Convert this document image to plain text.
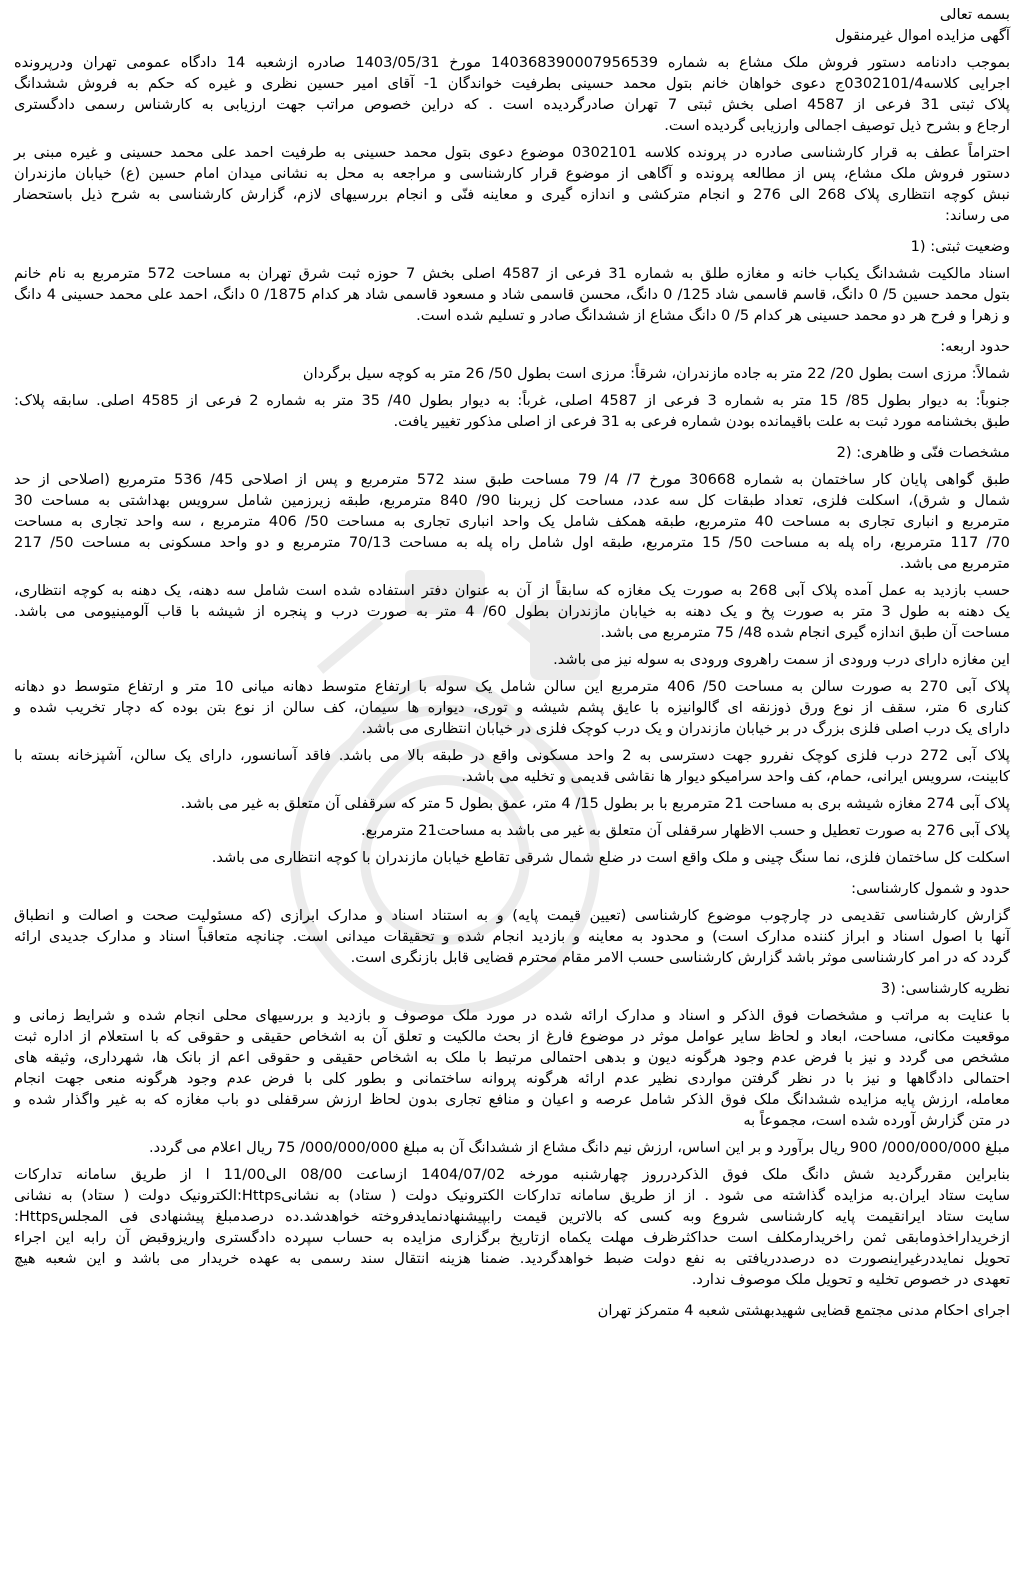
بسمه تعالی

آگهی مزایده اموال غیرمنقول

بموجب دادنامه دستور فروش ملک مشاع به شماره 140368390007956539 مورخ 1403/05/31 صادره ازشعبه 14 دادگاه عمومی تهران ودرپرونده

اجرایی کلاسه0302101/4ج دعوی خواهان خانم بتول محمد حسینی بطرفیت خواندگان 1- آقای امیر حسین نظری و غیره که حکم به فروش ششدانگ

پلاک ثبتی 31 فرعی از 4587 اصلی بخش ثبتی 7 تهران صادرگردیده است . که دراین خصوص مراتب جهت ارزیابی به کارشناس رسمی دادگستری

ارجاع و بشرح ذیل توصیف اجمالی وارزیابی گردیده است.

احتراماً عطف به قرار کارشناسی صادره در پرونده کلاسه 0302101 موضوع دعوی بتول محمد حسینی به طرفیت احمد علی محمد حسینی و غیره مبنی بر

دستور فروش ملک مشاع، پس از مطالعه پرونده و آگاهی از موضوع قرار کارشناسی و مراجعه به محل به نشانی میدان امام حسین (ع) خیابان مازندران

نبش کوچه انتظاری پلاک 268 الی 276 و انجام مترکشی و اندازه گیری و معاینه فنّی و انجام بررسیهای لازم، گزارش کارشناسی به شرح ذیل باستحضار

می رساند:

وضعیت ثبتی: (1

اسناد مالکیت ششدانگ یکباب خانه و مغازه طلق به شماره 31 فرعی از 4587 اصلی بخش 7 حوزه ثبت شرق تهران به مساحت 572 مترمربع به نام خانم

بتول محمد حسین 5/ 0 دانگ، قاسم قاسمی شاد 125/ 0 دانگ، محسن قاسمی شاد و مسعود قاسمی شاد هر کدام 1875/ 0 دانگ، احمد علی محمد حسینی 4 دانگ

و زهرا و فرح هر دو محمد حسینی هر کدام 5/ 0 دانگ مشاع از ششدانگ صادر و تسلیم شده است.

حدود اربعه:

شمالاً: مرزی است بطول 20/ 22 متر به جاده مازندران، شرقاً: مرزی است بطول 50/ 26 متر به کوچه سیل برگردان

جنوباً: به دیوار بطول 85/ 15 متر به شماره 3 فرعی از 4587 اصلی، غرباً: به دیوار بطول 40/ 35 متر به شماره 2 فرعی از 4585 اصلی. سابقه پلاک:

طبق بخشنامه مورد ثبت به علت باقیمانده بودن شماره فرعی به 31 فرعی از اصلی مذکور تغییر یافت.

مشخصات فنّی و ظاهری: (2

طبق گواهی پایان کار ساختمان به شماره 30668 مورخ 7/ 4/ 79 مساحت طبق سند 572 مترمربع و پس از اصلاحی 45/ 536 مترمربع (اصلاحی از حد

شمال و شرق)، اسکلت فلزی، تعداد طبقات کل سه عدد، مساحت کل زیربنا 90/ 840 مترمربع، طبقه زیرزمین شامل سرویس بهداشتی به مساحت 30

مترمربع و انباری تجاری به مساحت 40 مترمربع، طبقه همکف شامل یک واحد انباری تجاری به مساحت 50/ 406 مترمربع ، سه واحد تجاری به مساحت

70/ 117 مترمربع، راه پله به مساحت 50/ 15 مترمربع، طبقه اول شامل راه پله به مساحت 70/13 مترمربع و دو واحد مسکونی به مساحت 50/ 217

مترمربع می باشد.

حسب بازدید به عمل آمده پلاک آبی 268 به صورت یک مغازه که سابقاً از آن به عنوان دفتر استفاده شده است شامل سه دهنه، یک دهنه به کوچه انتظاری،

یک دهنه به طول 3 متر به صورت پخ و یک دهنه به خیابان مازندران بطول 60/ 4 متر به صورت درب و پنجره از شیشه با قاب آلومینیومی می باشد.

مساحت آن طبق اندازه گیری انجام شده 48/ 75 مترمربع می باشد.

این مغازه دارای درب ورودی از سمت راهروی ورودی به سوله نیز می باشد.

پلاک آبی 270 به صورت سالن به مساحت 50/ 406 مترمربع این سالن شامل یک سوله با ارتفاع متوسط دهانه میانی 10 متر و ارتفاع متوسط دو دهانه

کناری 6 متر، سقف از نوع ورق ذوزنقه ای گالوانیزه با عایق پشم شیشه و توری، دیواره ها سیمان، کف سالن از نوع بتن بوده که دچار تخریب شده و

دارای یک درب اصلی فلزی بزرگ در بر خیابان مازندران و یک درب کوچک فلزی در خیابان انتظاری می باشد.

پلاک آبی 272 درب فلزی کوچک نفررو جهت دسترسی به 2 واحد مسکونی واقع در طبقه بالا می باشد. فاقد آسانسور، دارای یک سالن، آشپزخانه بسته با

کابینت، سرویس ایرانی، حمام، کف واحد سرامیکو دیوار ها نقاشی قدیمی و تخلیه می باشد.

پلاک آبی 274 مغازه شیشه بری به مساحت 21 مترمربع با بر بطول 15/ 4 متر، عمق بطول 5 متر که سرقفلی آن متعلق به غیر می باشد.

پلاک آبی 276 به صورت تعطیل و حسب الاظهار سرقفلی آن متعلق به غیر می باشد به مساحت21 مترمربع.

اسکلت کل ساختمان فلزی، نما سنگ چینی و ملک واقع است در ضلع شمال شرقی تقاطع خیابان مازندران با کوچه انتظاری می باشد.

حدود و شمول کارشناسی:

گزارش کارشناسی تقدیمی در چارچوب موضوع کارشناسی (تعیین قیمت پایه) و به استناد اسناد و مدارک ابرازی (که مسئولیت صحت و اصالت و انطباق

آنها با اصول اسناد و ابراز کننده مدارک است) و محدود به معاینه و بازدید انجام شده و تحقیقات میدانی است. چنانچه متعاقباً اسناد و مدارک جدیدی ارائه

گردد که در امر کارشناسی موثر باشد گزارش کارشناسی حسب الامر مقام محترم قضایی قابل بازنگری است.

نظریه کارشناسی: (3

با عنایت به مراتب و مشخصات فوق الذکر و اسناد و مدارک ارائه شده در مورد ملک موصوف و بازدید و بررسیهای محلی انجام شده و شرایط زمانی و

موقعیت مکانی، مساحت، ابعاد و لحاظ سایر عوامل موثر در موضوع فارغ از بحث مالکیت و تعلق آن به اشخاص حقیقی و حقوقی که با استعلام از اداره ثبت

مشخص می گردد و نیز با فرض عدم وجود هرگونه دیون و بدهی احتمالی مرتبط با ملک به اشخاص حقیقی و حقوقی اعم از بانک ها، شهرداری، وثیقه های

احتمالی دادگاهها و نیز با در نظر گرفتن مواردی نظیر عدم ارائه هرگونه پروانه ساختمانی و بطور کلی با فرض عدم وجود هرگونه منعی جهت انجام

معامله، ارزش پایه مزایده ششدانگ ملک فوق الذکر شامل عرصه و اعیان و منافع تجاری بدون لحاظ ارزش سرقفلی دو باب مغازه که به غیر واگذار شده و

در متن گزارش آورده شده است، مجموعاً به

مبلغ 000/000/000/ 900 ریال برآورد و بر این اساس، ارزش نیم دانگ مشاع از ششدانگ آن به مبلغ 000/000/000/ 75 ریال اعلام می گردد.

بنابراین مقررگردید شش دانگ ملک فوق الذکردرروز چهارشنبه مورخه 1404/07/02 ازساعت 08/00 الی11/00 ا از طریق سامانه تدارکات

سایت ستاد ایران.به مزایده گذاشته می شود . از از طریق سامانه تدارکات الکترونیک دولت ( ستاد) به نشانیHttps:الکترونیک دولت ( ستاد) به نشانی

سایت ستاد ایرانقیمت پایه کارشناسی شروع وبه کسی که بالاترین قیمت رابپیشنهادنمایدفروخته خواهدشد.ده درصدمبلغ پیشنهادی فی المجلسHttps:

ازخریداراخذومابقی ثمن راخریدارمکلف است حداکثرظرف مهلت یکماه ازتاریخ برگزاری مزایده به حساب سپرده دادگستری واریزوقبض آن رابه این اجراء

تحویل نمایددرغیراینصورت ده درصددریافتی به نفع دولت ضبط خواهدگردید. ضمنا هزینه انتقال سند رسمی به عهده خریدار می باشد و این شعبه هیچ

تعهدی در خصوص تخلیه و تحویل ملک موصوف ندارد.

اجرای احکام مدنی مجتمع قضایی شهیدبهشتی شعبه 4 متمرکز تهران
